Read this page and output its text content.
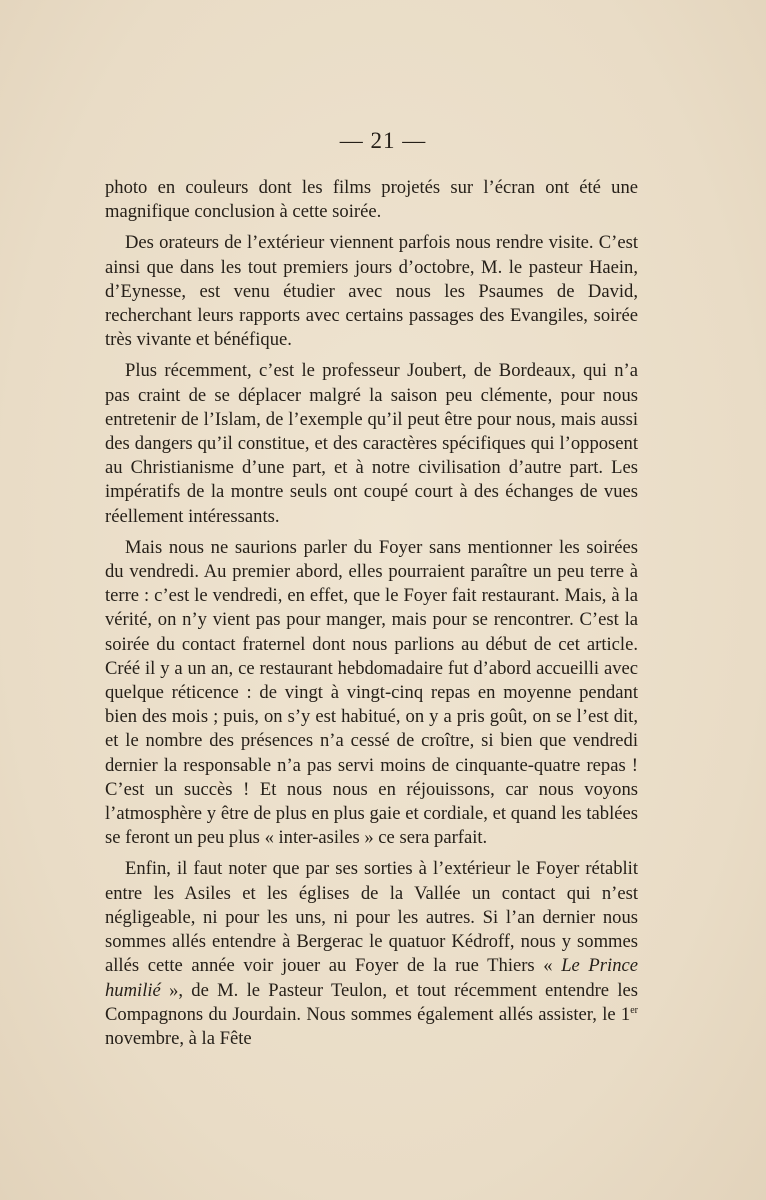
— 21 —

photo en couleurs dont les films projetés sur l’écran ont été une magnifique conclusion à cette soirée.

Des orateurs de l’extérieur viennent parfois nous rendre visite. C’est ainsi que dans les tout premiers jours d’octobre, M. le pasteur Haein, d’Eynesse, est venu étudier avec nous les Psaumes de David, recherchant leurs rapports avec certains passages des Evangiles, soirée très vivante et bénéfique.

Plus récemment, c’est le professeur Joubert, de Bordeaux, qui n’a pas craint de se déplacer malgré la saison peu clémente, pour nous entretenir de l’Islam, de l’exemple qu’il peut être pour nous, mais aussi des dangers qu’il constitue, et des caractères spécifiques qui l’opposent au Christianisme d’une part, et à notre civilisation d’autre part. Les impératifs de la montre seuls ont coupé court à des échanges de vues réellement intéressants.

Mais nous ne saurions parler du Foyer sans mentionner les soirées du vendredi. Au premier abord, elles pourraient paraître un peu terre à terre : c’est le vendredi, en effet, que le Foyer fait restaurant. Mais, à la vérité, on n’y vient pas pour manger, mais pour se rencontrer. C’est la soirée du contact fraternel dont nous parlions au début de cet article. Créé il y a un an, ce restaurant hebdomadaire fut d’abord accueilli avec quelque réticence : de vingt à vingt-cinq repas en moyenne pendant bien des mois ; puis, on s’y est habitué, on y a pris goût, on se l’est dit, et le nombre des présences n’a cessé de croître, si bien que vendredi dernier la responsable n’a pas servi moins de cinquante-quatre repas ! C’est un succès ! Et nous nous en réjouissons, car nous voyons l’atmosphère y être de plus en plus gaie et cordiale, et quand les tablées se feront un peu plus « inter-asiles » ce sera parfait.

Enfin, il faut noter que par ses sorties à l’extérieur le Foyer rétablit entre les Asiles et les églises de la Vallée un contact qui n’est négligeable, ni pour les uns, ni pour les autres. Si l’an dernier nous sommes allés entendre à Bergerac le quatuor Kédroff, nous y sommes allés cette année voir jouer au Foyer de la rue Thiers « Le Prince humilié », de M. le Pasteur Teulon, et tout récemment entendre les Compagnons du Jourdain. Nous sommes également allés assister, le 1er novembre, à la Fête
